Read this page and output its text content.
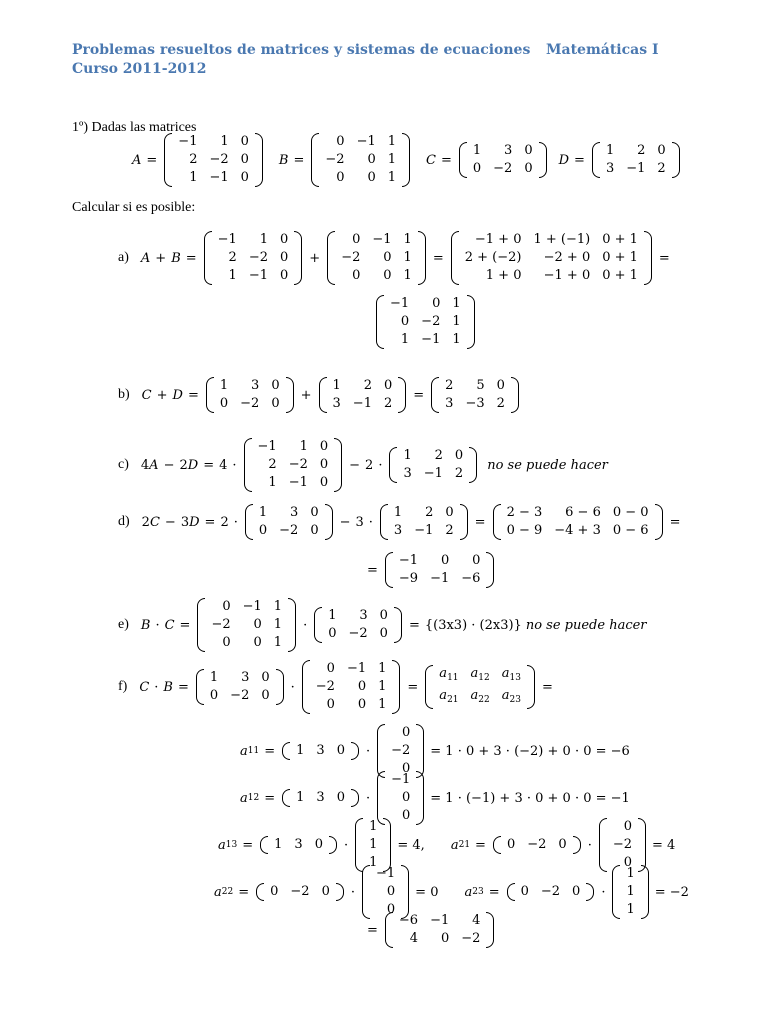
Problemas resueltos de matrices y sistemas de ecuaciones Matemáticas I
Curso 2011-2012
1º) Dadas las matrices
A =
−1	1	0
2	−2	0
1	−1	0
B =
0	−1	1
−2	0	1
0	0	1
C =
1	3	0
0	−2	0
D =
1	2	0
3	−1	2
Calcular si es posible:
a) A + B =
−1	1	0
2	−2	0
1	−1	0
+
0	−1	1
−2	0	1
0	0	1
=
−1 + 0	1 + (−1)	0 + 1
2 + (−2)	−2 + 0	0 + 1
1 + 0	−1 + 0	0 + 1
=
−1	0	1
0	−2	1
1	−1	1
b) C + D =
1	3	0
0	−2	0
+
1	2	0
3	−1	2
=
2	5	0
3	−3	2
c) 4 A − 2 D = 4 ·
−1	1	0
2	−2	0
1	−1	0
− 2 ·
1	2	0
3	−1	2
no se puede hacer
d) 2 C − 3 D = 2 ·
1	3	0
0	−2	0
− 3 ·
1	2	0
3	−1	2
=
2 − 3	6 − 6	0 − 0
0 − 9	−4 + 3	0 − 6
=
=
−1	0	0
−9	−1	−6
e) B · C =
0	−1	1
−2	0	1
0	0	1
·
1	3	0
0	−2	0
= {(3x3) · (2x3)} no se puede hacer
f) C · B =
1	3	0
0	−2	0
·
0	−1	1
−2	0	1
0	0	1
=
$a_{11}$	$a_{12}$	$a_{13}$
$a_{21}$	$a_{22}$	$a_{23}$
=
a 11 = 1	3	0 ·
0
−2
0
= 1 · 0 + 3 · (−2) + 0 · 0 = −6
a 12 = 1	3	0 ·
−1
0
0
= 1 · (−1) + 3 · 0 + 0 · 0 = −1
a 13 = 1	3	0 ·
1
1
1
= 4, a 21 = 0	−2	0 ·
0
−2
0
= 4
a 22 = 0	−2	0 ·
−1
0
0
= 0 a 23 = 0	−2	0 ·
1
1
1
= −2
=
−6	−1	4
4	0	−2
